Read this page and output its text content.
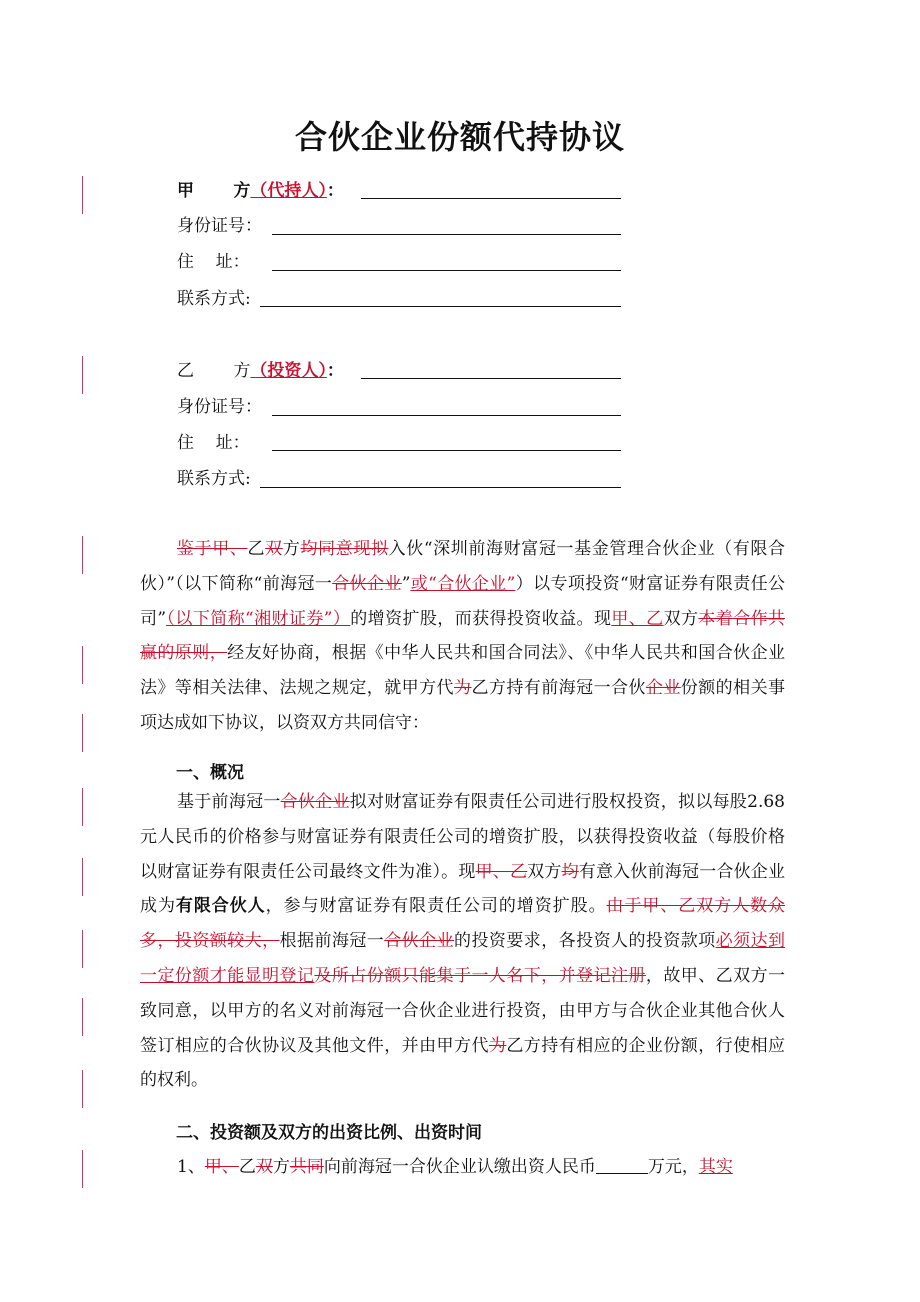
合伙企业份额代持协议
甲 方（代持人）：
身份证号：
住    址：
联系方式:
乙 方（投资人）：
身份证号：
住    址：
联系方式:

鉴于甲、乙双方均同意现拟入伙“深圳前海财富冠一基金管理合伙企业（有限合伙）”（以下简称“前海冠一合伙企业”或“合伙企业”）以专项投资“财富证券有限责任公司”（以下简称“湘财证券”）的增资扩股，而获得投资收益。现甲、乙双方本着合作共赢的原则，经友好协商，根据《中华人民共和国合同法》、《中华人民共和国合伙企业法》等相关法律、法规之规定，就甲方代为乙方持有前海冠一合伙企业份额的相关事项达成如下协议，以资双方共同信守：

一、概况

基于前海冠一合伙企业拟对财富证券有限责任公司进行股权投资，拟以每股2.68元人民币的价格参与财富证券有限责任公司的增资扩股，以获得投资收益（每股价格以财富证券有限责任公司最终文件为准）。现甲、乙双方均有意入伙前海冠一合伙企业成为有限合伙人，参与财富证券有限责任公司的增资扩股。由于甲、乙双方人数众多，投资额较大，根据前海冠一合伙企业的投资要求，各投资人的投资款项必须达到一定份额才能显明登记及所占份额只能集于一人名下，并登记注册，故甲、乙双方一致同意，以甲方的名义对前海冠一合伙企业进行投资，由甲方与合伙企业其他合伙人签订相应的合伙协议及其他文件，并由甲方代为乙方持有相应的企业份额，行使相应的权利。

二、投资额及双方的出资比例、出资时间
1、甲、乙双方共同向前海冠一合伙企业认缴出资人民币	万元，其实
